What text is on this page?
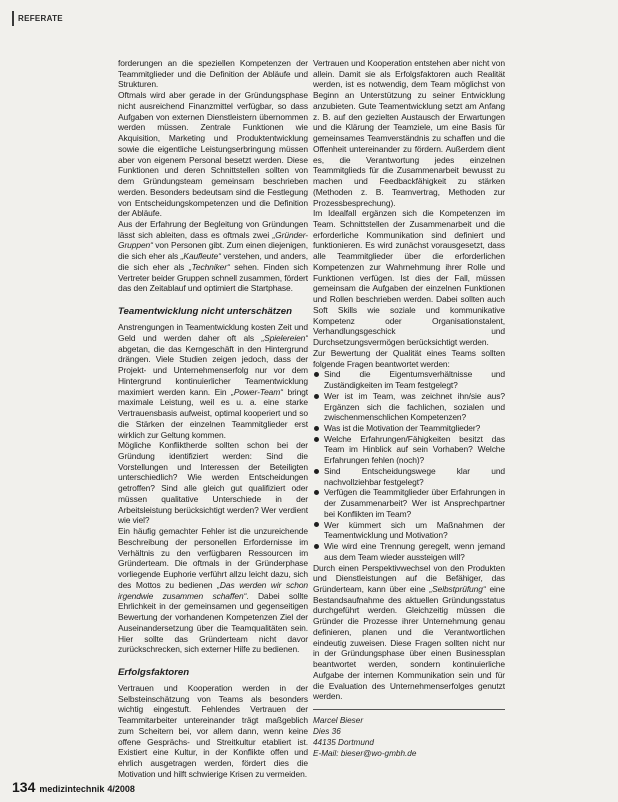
REFERATE

forderungen an die speziellen Kompetenzen der Teammitglieder und die Definition der Abläufe und Strukturen.

Oftmals wird aber gerade in der Gründungsphase nicht ausreichend Finanzmittel verfügbar, so dass Aufgaben von externen Dienstleistern übernommen werden müssen. Zentrale Funktionen wie Akquisition, Marketing und Produktentwicklung sowie die eigentliche Leistungserbringung müssen aber von eigenem Personal besetzt werden. Diese Funktionen und deren Schnittstellen sollten von dem Gründungsteam gemeinsam beschrieben werden. Besonders bedeutsam sind die Festlegung von Entscheidungskompetenzen und die Definition der Abläufe.

Aus der Erfahrung der Begleitung von Gründungen lässt sich ableiten, dass es oftmals zwei „Gründer-Gruppen“ von Personen gibt. Zum einen diejenigen, die sich eher als „Kaufleute“ verstehen, und anders, die sich eher als „Techniker“ sehen. Finden sich Vertreter beider Gruppen schnell zusammen, fördert das den Zeitablauf und optimiert die Startphase.

Teamentwicklung nicht unterschätzen

Anstrengungen in Teamentwicklung kosten Zeit und Geld und werden daher oft als „Spielereien“ abgetan, die das Kerngeschäft in den Hintergrund drängen. Viele Studien zeigen jedoch, dass der Projekt- und Unternehmenserfolg nur vor dem Hintergrund kontinuierlicher Teamentwicklung maximiert werden kann. Ein „Power-Team“ bringt maximale Leistung, weil es u. a. eine starke Vertrauensbasis aufweist, optimal kooperiert und so die Stärken der einzelnen Teammitglieder erst wirklich zur Geltung kommen.

Mögliche Konfliktherde sollten schon bei der Gründung identifiziert werden: Sind die Vorstellungen und Interessen der Beteiligten unterschiedlich? Wie werden Entscheidungen getroffen? Sind alle gleich gut qualifiziert oder müssen qualitative Unterschiede in der Arbeitsleistung berücksichtigt werden? Wer verdient wie viel?

Ein häufig gemachter Fehler ist die unzureichende Beschreibung der personellen Erfordernisse im Verhältnis zu den verfügbaren Ressourcen im Gründerteam. Die oftmals in der Gründerphase vorliegende Euphorie verführt allzu leicht dazu, sich des Mottos zu bedienen „Das werden wir schon irgendwie zusammen schaffen“. Dabei sollte Ehrlichkeit in der gemeinsamen und gegenseitigen Bewertung der vorhandenen Kompetenzen Ziel der Auseinandersetzung über die Teamqualitäten sein. Hier sollte das Gründerteam nicht davor zurückschrecken, sich externer Hilfe zu bedienen.

Erfolgsfaktoren

Vertrauen und Kooperation werden in der Selbsteinschätzung von Teams als besonders wichtig eingestuft. Fehlendes Vertrauen der Teammitarbeiter untereinander trägt maßgeblich zum Scheitern bei, vor allem dann, wenn keine offene Gesprächs- und Streitkultur etabliert ist. Existiert eine Kultur, in der Konflikte offen und ehrlich ausgetragen werden, fördert dies die Motivation und hilft schwierige Krisen zu vermeiden.

Vertrauen und Kooperation entstehen aber nicht von allein. Damit sie als Erfolgsfaktoren auch Realität werden, ist es notwendig, dem Team möglichst von Beginn an Unterstützung zu seiner Entwicklung anzubieten. Gute Teamentwicklung setzt am Anfang z. B. auf den gezielten Austausch der Erwartungen und die Klärung der Teamziele, um eine Basis für gemeinsames Teamverständnis zu schaffen und die Offenheit untereinander zu fördern. Außerdem dient es, die Verantwortung jedes einzelnen Teammitglieds für die Zusammenarbeit bewusst zu machen und Feedbackfähigkeit zu stärken (Methoden z. B. Teamvertrag, Methoden zur Prozessbesprechung).

Im Idealfall ergänzen sich die Kompetenzen im Team. Schnittstellen der Zusammenarbeit und die erforderliche Kommunikation sind definiert und funktionieren. Es wird zunächst vorausgesetzt, dass alle Teammitglieder über die erforderlichen Kompetenzen zur Wahrnehmung ihrer Rolle und Funktionen verfügen. Ist dies der Fall, müssen gemeinsam die Aufgaben der einzelnen Funktionen und Rollen beschrieben werden. Dabei sollten auch Soft Skills wie soziale und kommunikative Kompetenz oder Organisationstalent, Verhandlungsgeschick und Durchsetzungsvermögen berücksichtigt werden.

Zur Bewertung der Qualität eines Teams sollten folgende Fragen beantwortet werden:

Sind die Eigentumsverhältnisse und Zuständigkeiten im Team festgelegt?
Wer ist im Team, was zeichnet ihn/sie aus? Ergänzen sich die fachlichen, sozialen und zwischenmenschlichen Kompetenzen?
Was ist die Motivation der Teammitglieder?
Welche Erfahrungen/Fähigkeiten besitzt das Team im Hinblick auf sein Vorhaben? Welche Erfahrungen fehlen (noch)?
Sind Entscheidungswege klar und nachvollziehbar festgelegt?
Verfügen die Teammitglieder über Erfahrungen in der Zusammenarbeit? Wer ist Ansprechpartner bei Konflikten im Team?
Wer kümmert sich um Maßnahmen der Teamentwicklung und Motivation?
Wie wird eine Trennung geregelt, wenn jemand aus dem Team wieder aussteigen will?

Durch einen Perspektivwechsel von den Produkten und Dienstleistungen auf die Befähiger, das Gründerteam, kann über eine „Selbstprüfung“ eine Bestandsaufnahme des aktuellen Gründungsstatus durchgeführt werden. Gleichzeitig müssen die Gründer die Prozesse ihrer Unternehmung genau definieren, planen und die Verantwortlichen eindeutig zuweisen. Diese Fragen sollten nicht nur in der Gründungsphase über einen Businessplan beantwortet werden, sondern kontinuierliche Aufgabe der internen Kommunikation sein und für die Evaluation des Unternehmenserfolges genutzt werden.

Marcel Bieser
Dies 36
44135 Dortmund
E-Mail: bieser@wo-gmbh.de
134 medizintechnik 4/2008
